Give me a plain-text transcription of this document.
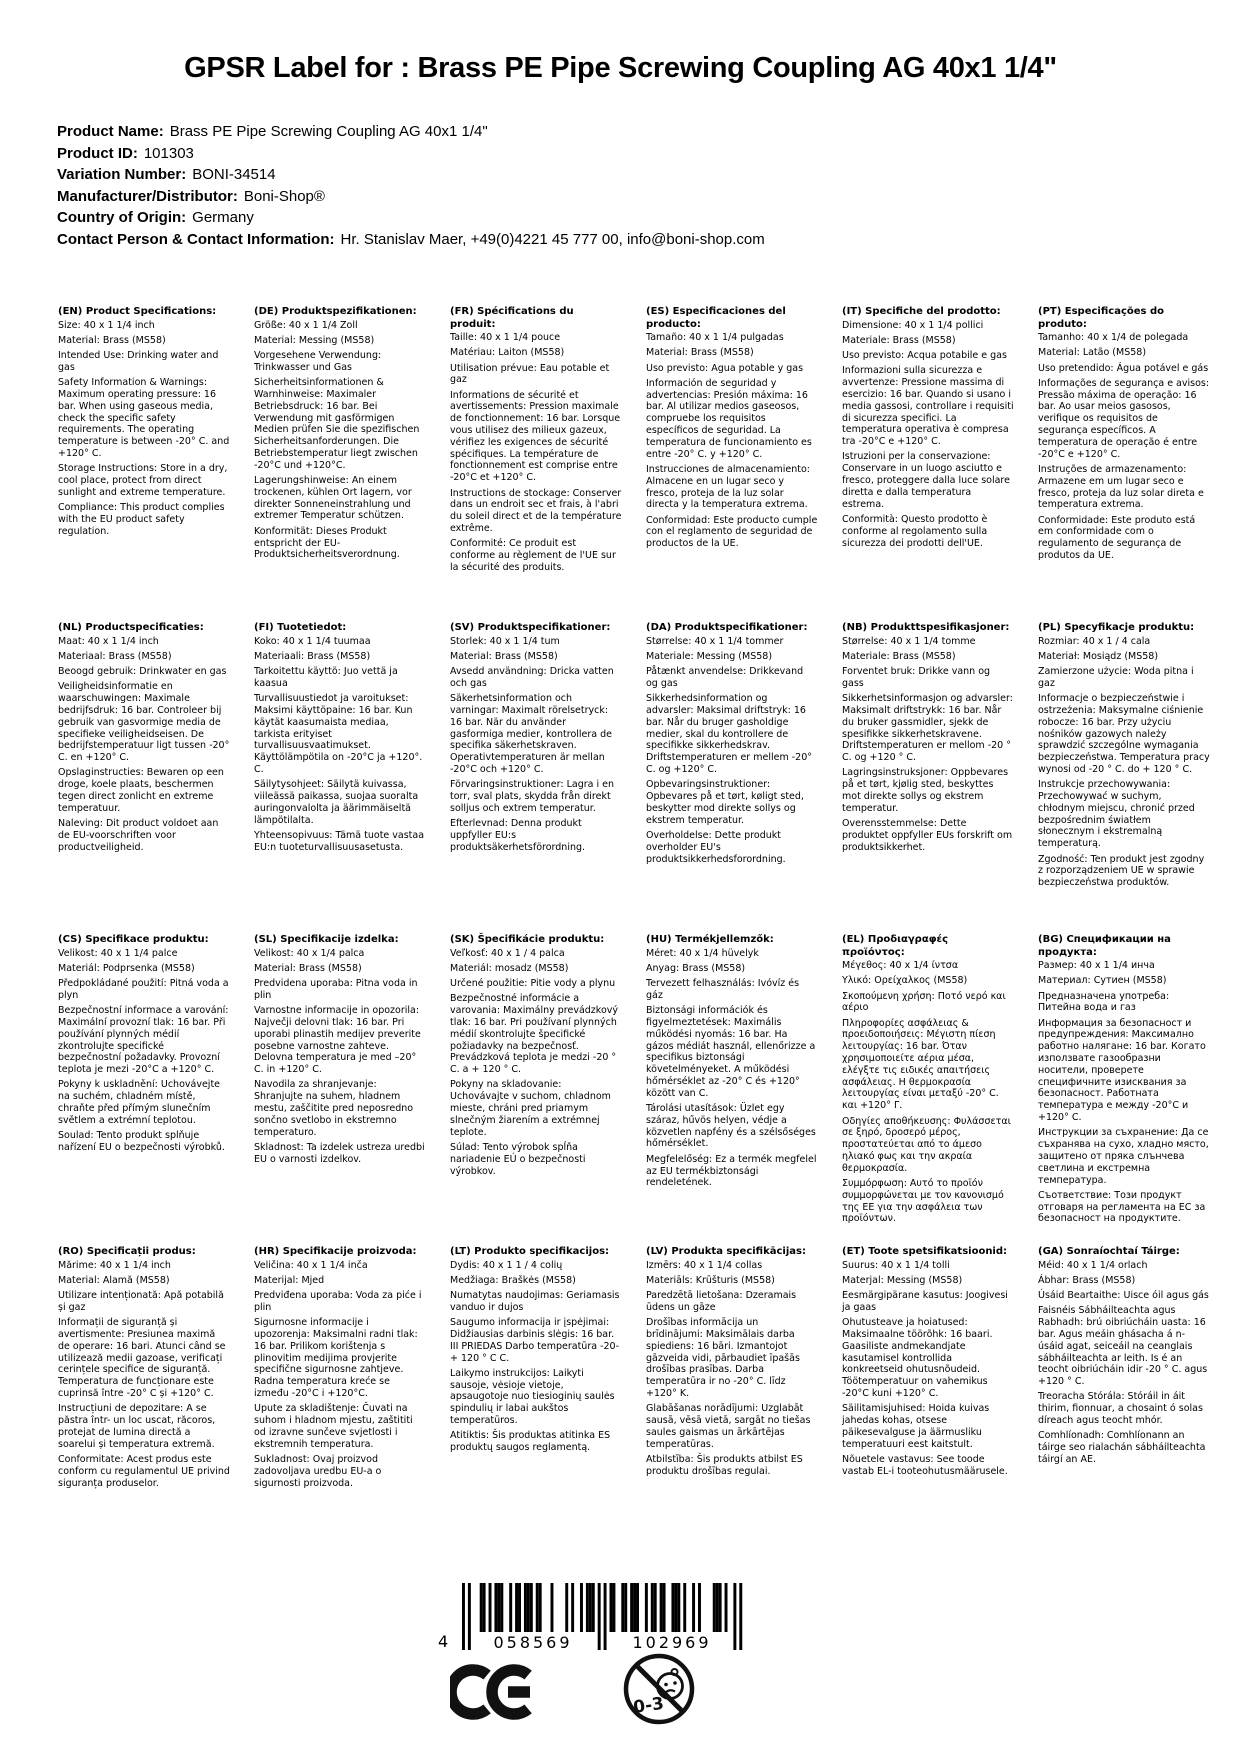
GPSR Label for : Brass PE Pipe Screwing Coupling AG 40x1 1/4"
Product Name: Brass PE Pipe Screwing Coupling AG 40x1 1/4"
Product ID: 101303
Variation Number: BONI-34514
Manufacturer/Distributor: Boni-Shop®
Country of Origin: Germany
Contact Person & Contact Information: Hr. Stanislav Maer, +49(0)4221 45 777 00, info@boni-shop.com
(EN) Product Specifications:

Size: 40 x 1 1/4 inch

Material: Brass (MS58)

Intended Use: Drinking water and gas

Safety Information & Warnings: Maximum operating pressure: 16 bar. When using gaseous media, check the specific safety requirements. The operating temperature is between -20° C. and +120° C.

Storage Instructions: Store in a dry, cool place, protect from direct sunlight and extreme temperature.

Compliance: This product complies with the EU product safety regulation.

(DE) Produktspezifikationen:

Größe: 40 x 1 1/4 Zoll

Material: Messing (MS58)

Vorgesehene Verwendung: Trinkwasser und Gas

Sicherheitsinformationen & Warnhinweise: Maximaler Betriebsdruck: 16 bar. Bei Verwendung mit gasförmigen Medien prüfen Sie die spezifischen Sicherheitsanforderungen. Die Betriebstemperatur liegt zwischen -20°C und +120°C.

Lagerungshinweise: An einem trockenen, kühlen Ort lagern, vor direkter Sonneneinstrahlung und extremer Temperatur schützen.

Konformität: Dieses Produkt entspricht der EU-Produktsicherheitsverordnung.

(FR) Spécifications du produit:

Taille: 40 x 1 1/4 pouce

Matériau: Laiton (MS58)

Utilisation prévue: Eau potable et gaz

Informations de sécurité et avertissements: Pression maximale de fonctionnement: 16 bar. Lorsque vous utilisez des milieux gazeux, vérifiez les exigences de sécurité spécifiques. La température de fonctionnement est comprise entre -20°C et +120° C.

Instructions de stockage: Conserver dans un endroit sec et frais, à l'abri du soleil direct et de la température extrême.

Conformité: Ce produit est conforme au règlement de l'UE sur la sécurité des produits.

(ES) Especificaciones del producto:

Tamaño: 40 x 1 1/4 pulgadas

Material: Brass (MS58)

Uso previsto: Agua potable y gas

Información de seguridad y advertencias: Presión máxima: 16 bar. Al utilizar medios gaseosos, compruebe los requisitos específicos de seguridad. La temperatura de funcionamiento es entre -20° C. y +120° C.

Instrucciones de almacenamiento: Almacene en un lugar seco y fresco, proteja de la luz solar directa y la temperatura extrema.

Conformidad: Este producto cumple con el reglamento de seguridad de productos de la UE.

(IT) Specifiche del prodotto:

Dimensione: 40 x 1 1/4 pollici

Materiale: Brass (MS58)

Uso previsto: Acqua potabile e gas

Informazioni sulla sicurezza e avvertenze: Pressione massima di esercizio: 16 bar. Quando si usano i media gassosi, controllare i requisiti di sicurezza specifici. La temperatura operativa è compresa tra -20°C e +120° C.

Istruzioni per la conservazione: Conservare in un luogo asciutto e fresco, proteggere dalla luce solare diretta e dalla temperatura estrema.

Conformità: Questo prodotto è conforme al regolamento sulla sicurezza dei prodotti dell'UE.

(PT) Especificações do produto:

Tamanho: 40 x 1/4 de polegada

Material: Latão (MS58)

Uso pretendido: Água potável e gás

Informações de segurança e avisos: Pressão máxima de operação: 16 bar. Ao usar meios gasosos, verifique os requisitos de segurança específicos. A temperatura de operação é entre -20°C e +120° C.

Instruções de armazenamento: Armazene em um lugar seco e fresco, proteja da luz solar direta e temperatura extrema.

Conformidade: Este produto está em conformidade com o regulamento de segurança de produtos da UE.

(NL) Productspecificaties:

Maat: 40 x 1 1/4 inch

Materiaal: Brass (MS58)

Beoogd gebruik: Drinkwater en gas

Veiligheidsinformatie en waarschuwingen: Maximale bedrijfsdruk: 16 bar. Controleer bij gebruik van gasvormige media de specifieke veiligheidseisen. De bedrijfstemperatuur ligt tussen -20° C. en +120° C.

Opslaginstructies: Bewaren op een droge, koele plaats, beschermen tegen direct zonlicht en extreme temperatuur.

Naleving: Dit product voldoet aan de EU-voorschriften voor productveiligheid.

(FI) Tuotetiedot:

Koko: 40 x 1 1/4 tuumaa

Materiaali: Brass (MS58)

Tarkoitettu käyttö: Juo vettä ja kaasua

Turvallisuustiedot ja varoitukset: Maksimi käyttöpaine: 16 bar. Kun käytät kaasumaista mediaa, tarkista erityiset turvallisuusvaatimukset. Käyttölämpötila on -20°C ja +120°. C.

Säilytysohjeet: Säilytä kuivassa, viileässä paikassa, suojaa suoralta auringonvalolta ja äärimmäiseltä lämpötilalta.

Yhteensopivuus: Tämä tuote vastaa EU:n tuoteturvallisuusasetusta.

(SV) Produktspecifikationer:

Storlek: 40 x 1 1/4 tum

Material: Brass (MS58)

Avsedd användning: Dricka vatten och gas

Säkerhetsinformation och varningar: Maximalt rörelsetryck: 16 bar. När du använder gasformiga medier, kontrollera de specifika säkerhetskraven. Operativtemperaturen är mellan -20°C och +120° C.

Förvaringsinstruktioner: Lagra i en torr, sval plats, skydda från direkt solljus och extrem temperatur.

Efterlevnad: Denna produkt uppfyller EU:s produktsäkerhetsförordning.

(DA) Produktspecifikationer:

Størrelse: 40 x 1 1/4 tommer

Materiale: Messing (MS58)

Påtænkt anvendelse: Drikkevand og gas

Sikkerhedsinformation og advarsler: Maksimal driftstryk: 16 bar. Når du bruger gasholdige medier, skal du kontrollere de specifikke sikkerhedskrav. Driftstemperaturen er mellem -20° C. og +120° C.

Opbevaringsinstruktioner: Opbevares på et tørt, køligt sted, beskytter mod direkte sollys og ekstrem temperatur.

Overholdelse: Dette produkt overholder EU's produktsikkerhedsforordning.

(NB) Produkttspesifikasjoner:

Størrelse: 40 x 1 1/4 tomme

Materiale: Brass (MS58)

Forventet bruk: Drikke vann og gass

Sikkerhetsinformasjon og advarsler: Maksimalt driftstrykk: 16 bar. Når du bruker gassmidler, sjekk de spesifikke sikkerhetskravene. Driftstemperaturen er mellom -20 ° C. og +120 ° C.

Lagringsinstruksjoner: Oppbevares på et tørt, kjølig sted, beskyttes mot direkte sollys og ekstrem temperatur.

Overensstemmelse: Dette produktet oppfyller EUs forskrift om produktsikkerhet.

(PL) Specyfikacje produktu:

Rozmiar: 40 x 1 / 4 cala

Materiał: Mosiądz (MS58)

Zamierzone użycie: Woda pitna i gaz

Informacje o bezpieczeństwie i ostrzeżenia: Maksymalne ciśnienie robocze: 16 bar. Przy użyciu nośników gazowych należy sprawdzić szczególne wymagania bezpieczeństwa. Temperatura pracy wynosi od -20 ° C. do + 120 ° C.

Instrukcje przechowywania: Przechowywać w suchym, chłodnym miejscu, chronić przed bezpośrednim światłem słonecznym i ekstremalną temperaturą.

Zgodność: Ten produkt jest zgodny z rozporządzeniem UE w sprawie bezpieczeństwa produktów.

(CS) Specifikace produktu:

Velikost: 40 x 1 1/4 palce

Materiál: Podprsenka (MS58)

Předpokládané použití: Pitná voda a plyn

Bezpečnostní informace a varování: Maximální provozní tlak: 16 bar. Při používání plynných médií zkontrolujte specifické bezpečnostní požadavky. Provozní teplota je mezi -20°C a +120° C.

Pokyny k uskladnění: Uchovávejte na suchém, chladném místě, chraňte před přímým slunečním světlem a extrémní teplotou.

Soulad: Tento produkt splňuje nařízení EU o bezpečnosti výrobků.

(SL) Specifikacije izdelka:

Velikost: 40 x 1/4 palca

Material: Brass (MS58)

Predvidena uporaba: Pitna voda in plin

Varnostne informacije in opozorila: Največji delovni tlak: 16 bar. Pri uporabi plinastih medijev preverite posebne varnostne zahteve. Delovna temperatura je med –20° C. in +120° C.

Navodila za shranjevanje: Shranjujte na suhem, hladnem mestu, zaščitite pred neposredno sončno svetlobo in ekstremno temperaturo.

Skladnost: Ta izdelek ustreza uredbi EU o varnosti izdelkov.

(SK) Špecifikácie produktu:

Veľkosť: 40 x 1 / 4 palca

Materiál: mosadz (MS58)

Určené použitie: Pitie vody a plynu

Bezpečnostné informácie a varovania: Maximálny prevádzkový tlak: 16 bar. Pri používaní plynných médií skontrolujte špecifické požiadavky na bezpečnosť. Prevádzková teplota je medzi -20 ° C. a + 120 ° C.

Pokyny na skladovanie: Uchovávajte v suchom, chladnom mieste, chráni pred priamym slnečným žiarením a extrémnej teplote.

Súlad: Tento výrobok spĺňa nariadenie EÚ o bezpečnosti výrobkov.

(HU) Termékjellemzők:

Méret: 40 x 1/4 hüvelyk

Anyag: Brass (MS58)

Tervezett felhasználás: Ivóvíz és gáz

Biztonsági információk és figyelmeztetések: Maximális működési nyomás: 16 bar. Ha gázos médiát használ, ellenőrizze a specifikus biztonsági követelményeket. A működési hőmérséklet az -20° C és +120° között van C.

Tárolási utasítások: Üzlet egy száraz, hűvös helyen, védje a közvetlen napfény és a szélsőséges hőmérséklet.

Megfelelőség: Ez a termék megfelel az EU termékbiztonsági rendeletének.

(EL) Προδιαγραφές προϊόντος:

Μέγεθος: 40 x 1/4 ίντσα

Υλικό: Ορείχαλκος (MS58)

Σκοπούμενη χρήση: Ποτό νερό και αέριο

Πληροφορίες ασφάλειας & προειδοποιήσεις: Μέγιστη πίεση λειτουργίας: 16 bar. Όταν χρησιμοποιείτε αέρια μέσα, ελέγξτε τις ειδικές απαιτήσεις ασφάλειας. Η θερμοκρασία λειτουργίας είναι μεταξύ -20° C. και +120° Γ.

Οδηγίες αποθήκευσης: Φυλάσσεται σε ξηρό, δροσερό μέρος, προστατεύεται από το άμεσο ηλιακό φως και την ακραία θερμοκρασία.

Συμμόρφωση: Αυτό το προϊόν συμμορφώνεται με τον κανονισμό της ΕΕ για την ασφάλεια των προϊόντων.

(BG) Спецификации на продукта:

Размер: 40 x 1 1/4 инча

Материал: Сутиен (MS58)

Предназначена употреба: Питейна вода и газ

Информация за безопасност и предупреждения: Максимално работно налягане: 16 bar. Когато използвате газообразни носители, проверете специфичните изисквания за безопасност. Работната температура е между -20°C и +120° C.

Инструкции за съхранение: Да се съхранява на сухо, хладно място, защитено от пряка слънчева светлина и екстремна температура.

Съответствие: Този продукт отговаря на регламента на ЕС за безопасност на продуктите.

(RO) Specificații produs:

Mărime: 40 x 1 1/4 inch

Material: Alamă (MS58)

Utilizare intenționată: Apă potabilă și gaz

Informații de siguranță și avertismente: Presiunea maximă de operare: 16 bari. Atunci când se utilizează medii gazoase, verificați cerințele specifice de siguranță. Temperatura de funcționare este cuprinsă între -20° C și +120° C.

Instrucțiuni de depozitare: A se păstra într- un loc uscat, răcoros, protejat de lumina directă a soarelui și temperatura extremă.

Conformitate: Acest produs este conform cu regulamentul UE privind siguranța produselor.

(HR) Specifikacije proizvoda:

Veličina: 40 x 1 1/4 inča

Materijal: Mjed

Predviđena uporaba: Voda za piće i plin

Sigurnosne informacije i upozorenja: Maksimalni radni tlak: 16 bar. Prilikom korištenja s plinovitim medijima provjerite specifične sigurnosne zahtjeve. Radna temperatura kreće se između -20°C i +120°C.

Upute za skladištenje: Čuvati na suhom i hladnom mjestu, zaštititi od izravne sunčeve svjetlosti i ekstremnih temperatura.

Sukladnost: Ovaj proizvod zadovoljava uredbu EU-a o sigurnosti proizvoda.

(LT) Produkto specifikacijos:

Dydis: 40 x 1 1 / 4 colių

Medžiaga: Braškės (MS58)

Numatytas naudojimas: Geriamasis vanduo ir dujos

Saugumo informacija ir įspėjimai: Didžiausias darbinis slėgis: 16 bar. III PRIEDAS Darbo temperatūra -20-+ 120 ° C C.

Laikymo instrukcijos: Laikyti sausoje, vėsioje vietoje, apsaugotoje nuo tiesioginių saulės spindulių ir labai aukštos temperatūros.

Atitiktis: Šis produktas atitinka ES produktų saugos reglamentą.

(LV) Produkta specifikācijas:

Izmērs: 40 x 1 1/4 collas

Materiāls: Krūšturis (MS58)

Paredzētā lietošana: Dzeramais ūdens un gāze

Drošības informācija un brīdinājumi: Maksimālais darba spiediens: 16 bāri. Izmantojot gāzveida vidi, pārbaudiet īpašās drošības prasības. Darba temperatūra ir no -20° C. līdz +120° K.

Glabāšanas norādījumi: Uzglabāt sausā, vēsā vietā, sargāt no tiešas saules gaismas un ārkārtējas temperatūras.

Atbilstība: Šis produkts atbilst ES produktu drošības regulai.

(ET) Toote spetsifikatsioonid:

Suurus: 40 x 1 1/4 tolli

Materjal: Messing (MS58)

Eesmärgipärane kasutus: Joogivesi ja gaas

Ohutusteave ja hoiatused: Maksimaalne töörõhk: 16 baari. Gaasiliste andmekandjate kasutamisel kontrollida konkreetseid ohutusnõudeid. Töötemperatuur on vahemikus -20°C kuni +120° C.

Säilitamisjuhised: Hoida kuivas jahedas kohas, otsese päikesevalguse ja äärmusliku temperatuuri eest kaitstult.

Nõuetele vastavus: See toode vastab EL-i tooteohutusmäärusele.

(GA) Sonraíochtaí Táirge:

Méid: 40 x 1 1/4 orlach

Ábhar: Brass (MS58)

Úsáid Beartaithe: Uisce óil agus gás

Faisnéis Sábháilteachta agus Rabhadh: brú oibriúcháin uasta: 16 bar. Agus meáin ghásacha á n-úsáid agat, seiceáil na ceanglais sábháilteachta ar leith. Is é an teocht oibriúcháin idir -20 ° C. agus +120 ° C.

Treoracha Stórála: Stóráil in áit thirim, fionnuar, a chosaint ó solas díreach agus teocht mhór.

Comhlíonadh: Comhlíonann an táirge seo rialachán sábháilteachta táirgí an AE.

4	058569	102969
0-3
